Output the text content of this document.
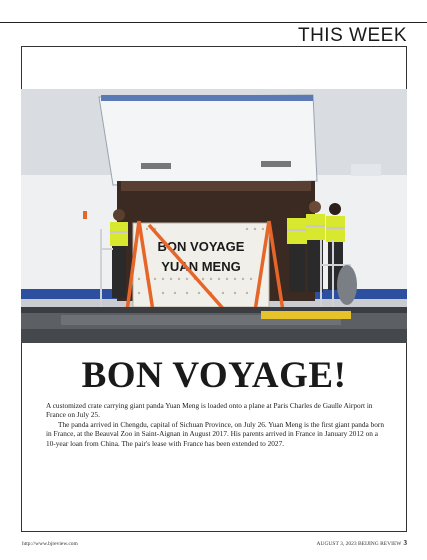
THIS WEEK
BON VOYAGE
YUAN MENG
BON VOYAGE!

A customized crate carrying giant panda Yuan Meng is loaded onto a plane at Paris Charles de Gaulle Airport in France on July 25.

The panda arrived in Chengdu, capital of Sichuan Province, on July 26. Yuan Meng is the first giant panda born in France, at the Beauval Zoo in Saint-Aignan in August 2017. His parents arrived in France in January 2012 on a 10-year loan from China. The pair's lease with France has been extended to 2027.

http://www.bjreview.com	AUGUST 3, 2023 BEIJING REVIEW 3
